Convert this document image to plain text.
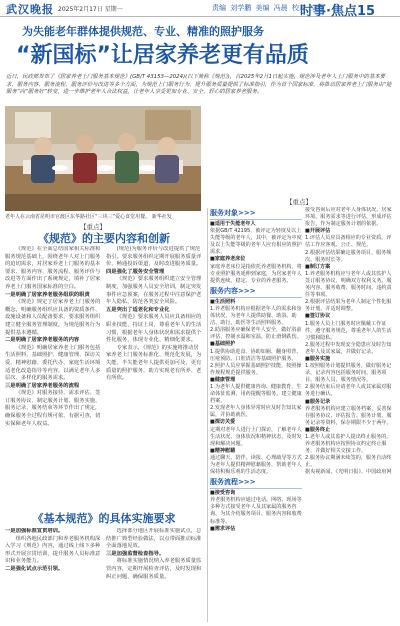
武汉晚报 2025年2月17日 星期一	责编 刘学鹏 美编 冯晨 校对 文胜
时事·焦点15
为失能老年群体提供规范、专业、精准的照护服务
“新国标”让居家养老更有品质
近日，民政部发布了《居家养老上门服务基本规范》(GB/T 43153—2024)(以下简称《规范》)，自2025年2月1日起实施，规范涉及老年人上门服务中的基本要求、服务内容、服务流程、服务评价与改进等多个方面，为规范上门服务行为、提升服务质量提供了标准指引，作为首个国家标准，将推动居家养老上门服务由“能服务”向“服务好”转变，进一步维护老年人合法权益，让老年人享受更加专业、安全、舒心的居家养老服务。
老年人在云南省昆明市官渡区东华路社区“三块三”爱心食堂用餐。 新华社发
【重点】
【重点】
《规范》的主要内容和创新

《规范》在全面总结国家相关标准和服务规范基础上，围绕老年人对上门服务的迫切需求，对居家养老上门服务的基本要求、服务内容、服务流程、服务评价与改进等方面作出了系统规定，填补了居家养老上门服务国家标准的空白。

一是明确了居家养老服务组织的职责

《规范》规定了居家养老上门服务的概念，明确服务组织应具备的资质条件、设施设备和人员配备要求，要求服务组织建立健全服务管理制度，为规范服务行为提供基本遵循。

二是明确了居家养老服务的内容

《规范》明确居家养老上门服务包括生活照料、基础照护、健康管理、探访关爱、精神慰藉、委托代办、家庭生活环境适老化改造指导等内容，以满足老年人多层次、多样化的服务需求。

三是明确了居家养老服务的流程

《规范》对服务接待、需求评估、签订服务协议、制定服务计划、服务实施、服务记录、服务结束等环节作出了规定，确保服务全过程有规可依、有据可查，切实保障老年人权益。

(规范)为服务评价与改进提供了规范指引。要求服务组织定期开展服务质量评价，畅通投诉渠道，及时改进服务质量。

四是强化了服务安全管理

《规范》要求服务组织建立安全管理制度，加强服务人员安全培训，制定突发事件应急预案，在服务过程中注意保护老年人隐私，防范各类安全风险。

五是突出了适老化和专业化

《规范》要求服务人员应具备相应的职业技能，持证上岗，尊重老年人的生活习惯，根据老年人身体状况和需求提供个性化服务，体现专业化、精细化要求。

专家表示，《规范》的实施将推动居家养老上门服务标准化、规范化发展，为失能、半失能老年人提供更加可及、更有质量的照护服务，助力实现老有所养、老有所依。

《基本规范》的具体实施要求

一是加强标准宣贯培训。

组织各地民政部门和养老服务机构深入学习《规范》内容，通过线上线下多种形式开展宣贯培训，提升服务人员标准意识和业务能力。

二是强化试点示范引领。

选择部分地区开展标准实施试点，总结推广典型经验做法，以点带面推动标准全面落地见效。

三是加强监督检查指导。

将标准实施情况纳入养老服务质量监管内容，定期开展检查评估，及时发现和纠正问题，确保服务质量。

服务对象>>>
■适用于失能老年人
依据GB/T 42195，被评定为轻度及以上失能等级的老年人，其中，被评定为中度及以上失能等级的老年人应有相应的照护需求。
■家庭养老床位
家庭养老床位是指依托养老服务机构，将专业照护服务延伸到家庭，为居家老年人提供连续、稳定、专业的养老服务。
服务内容>>>
■生活照料
1.养老服务机构应根据老年人的需求和身体状况，为老年人提供助餐、助浴、助洁、助行、助医等生活照料服务。
2.助浴服务应确保老年人安全，做好浴前评估，控制水温和室温，防止滑倒跌伤。
■基础照护
1.提供协助进食、协助如厕、翻身叩背、压疮预防、口腔清洁等基础照护服务。
2.照护人员应掌握基础照护技能，按照操作规程规范提供服务。
■健康管理
1.为老年人提供健康咨询、健康教育、生命体征监测、用药提醒等服务，建立健康档案。
2.发现老年人身体异常时应及时告知其家属，并协助就医。
■探访关爱
定期对老年人进行上门探访，了解老年人生活状况、身体状况和精神状态，及时发现和解决问题。
■精神慰藉
通过聊天、陪伴、读报、心理疏导等方式为老年人提供精神慰藉服务，帮助老年人保持积极乐观的生活态度。
服务流程>>>
■接受咨询
养老服务机构应通过电话、网络、现场等多种方式接受老年人及其家属的服务咨询，为其介绍服务项目、服务内容和收费标准等。
■需求评估
接受咨询后应对老年人身体状况、居家环境、服务需求等进行评估，形成评估报告，作为制定服务计划的依据。
■开展评估
1.评估人员应具备相应的专业资质，评估工作应客观、公正、规范。
2.根据评估结果确定服务项目、服务频次、服务时长等。
■制订方案
1.养老服务机构应与老年人或其监护人签订服务协议，明确双方权利义务、服务内容、服务收费、服务时间、违约责任等事项。
2.根据评估结果为老年人制定个性化服务计划，并适时调整。
■签订协议
1.服务人员上门服务时应佩戴工作证件，遵守服务规范，尊重老年人的生活习惯和隐私。
2.服务过程中发现安全隐患应及时告知老年人及其家属，并做好记录。
■服务实施
1.按照服务计划提供服务，做好服务记录，记录内容包括服务时间、服务项目、服务人员、服务情况等。
2.服务结束后应请老年人或其家属对服务进行确认。
■服务记录
养老服务机构应建立服务档案，妥善保存服务协议、评估报告、服务计划、服务记录等资料，保存期限不少于两年。
■服务终止
1.老年人或其监护人提出终止服务的，养老服务机构应按照协议约定终止服务，并做好相关交接工作。
2.服务协议期满未续签的，服务自动终止。
据央视新闻、《光明日报》、中国政府网
